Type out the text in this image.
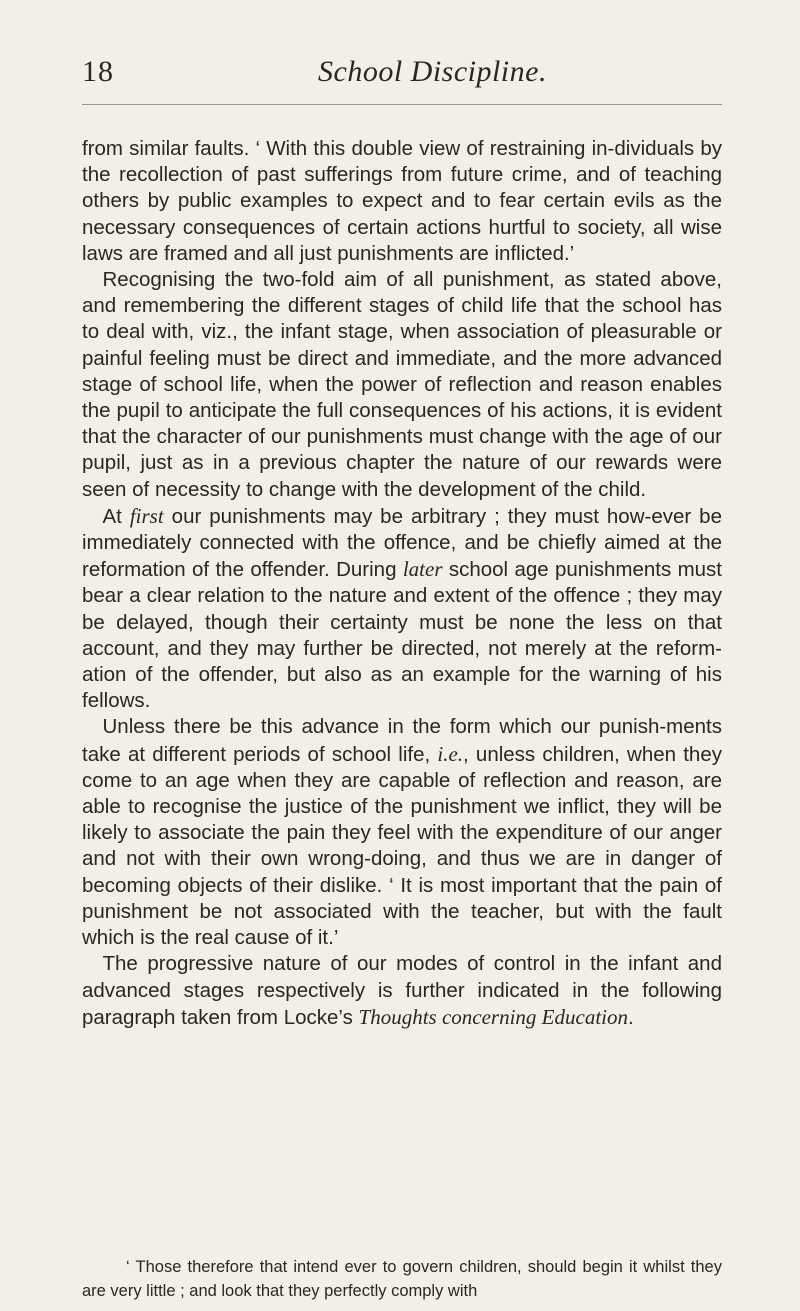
18	School Discipline.

from similar faults. ‘ With this double view of restraining in-dividuals by the recollection of past sufferings from future crime, and of teaching others by public examples to expect and to fear certain evils as the necessary consequences of certain actions hurtful to society, all wise laws are framed and all just punishments are inflicted.’

 Recognising the two-fold aim of all punishment, as stated above, and remembering the different stages of child life that the school has to deal with, viz., the infant stage, when association of pleasurable or painful feeling must be direct and immediate, and the more advanced stage of school life, when the power of reflection and reason enables the pupil to anticipate the full consequences of his actions, it is evident that the character of our punishments must change with the age of our pupil, just as in a previous chapter the nature of our rewards were seen of necessity to change with the development of the child.

 At first our punishments may be arbitrary ; they must how-ever be immediately connected with the offence, and be chiefly aimed at the reformation of the offender. During later school age punishments must bear a clear relation to the nature and extent of the offence ; they may be delayed, though their certainty must be none the less on that account, and they may further be directed, not merely at the reform-ation of the offender, but also as an example for the warning of his fellows.

 Unless there be this advance in the form which our punish-ments take at different periods of school life, i.e., unless children, when they come to an age when they are capable of reflection and reason, are able to recognise the justice of the punishment we inflict, they will be likely to associate the pain they feel with the expenditure of our anger and not with their own wrong-doing, and thus we are in danger of becoming objects of their dislike. ‘ It is most important that the pain of punishment be not associated with the teacher, but with the fault which is the real cause of it.’

 The progressive nature of our modes of control in the infant and advanced stages respectively is further indicated in the following paragraph taken from Locke’s Thoughts concerning Education.

‘ Those therefore that intend ever to govern children, should begin it whilst they are very little ; and look that they perfectly comply with
